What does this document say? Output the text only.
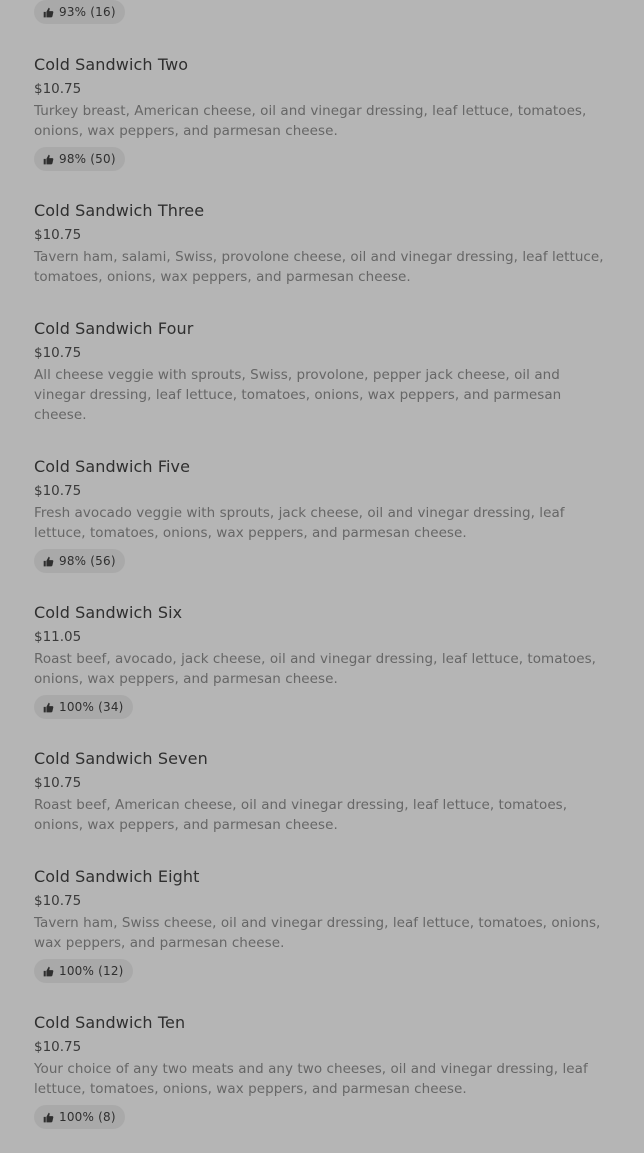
93% (16)
Cold Sandwich Two
$10.75
Turkey breast, American cheese, oil and vinegar dressing, leaf lettuce, tomatoes, onions, wax peppers, and parmesan cheese.
98% (50)
Cold Sandwich Three
$10.75
Tavern ham, salami, Swiss, provolone cheese, oil and vinegar dressing, leaf lettuce, tomatoes, onions, wax peppers, and parmesan cheese.
Cold Sandwich Four
$10.75
All cheese veggie with sprouts, Swiss, provolone, pepper jack cheese, oil and vinegar dressing, leaf lettuce, tomatoes, onions, wax peppers, and parmesan cheese.
Cold Sandwich Five
$10.75
Fresh avocado veggie with sprouts, jack cheese, oil and vinegar dressing, leaf lettuce, tomatoes, onions, wax peppers, and parmesan cheese.
98% (56)
Cold Sandwich Six
$11.05
Roast beef, avocado, jack cheese, oil and vinegar dressing, leaf lettuce, tomatoes, onions, wax peppers, and parmesan cheese.
100% (34)
Cold Sandwich Seven
$10.75
Roast beef, American cheese, oil and vinegar dressing, leaf lettuce, tomatoes, onions, wax peppers, and parmesan cheese.
Cold Sandwich Eight
$10.75
Tavern ham, Swiss cheese, oil and vinegar dressing, leaf lettuce, tomatoes, onions, wax peppers, and parmesan cheese.
100% (12)
Cold Sandwich Ten
$10.75
Your choice of any two meats and any two cheeses, oil and vinegar dressing, leaf lettuce, tomatoes, onions, wax peppers, and parmesan cheese.
100% (8)
